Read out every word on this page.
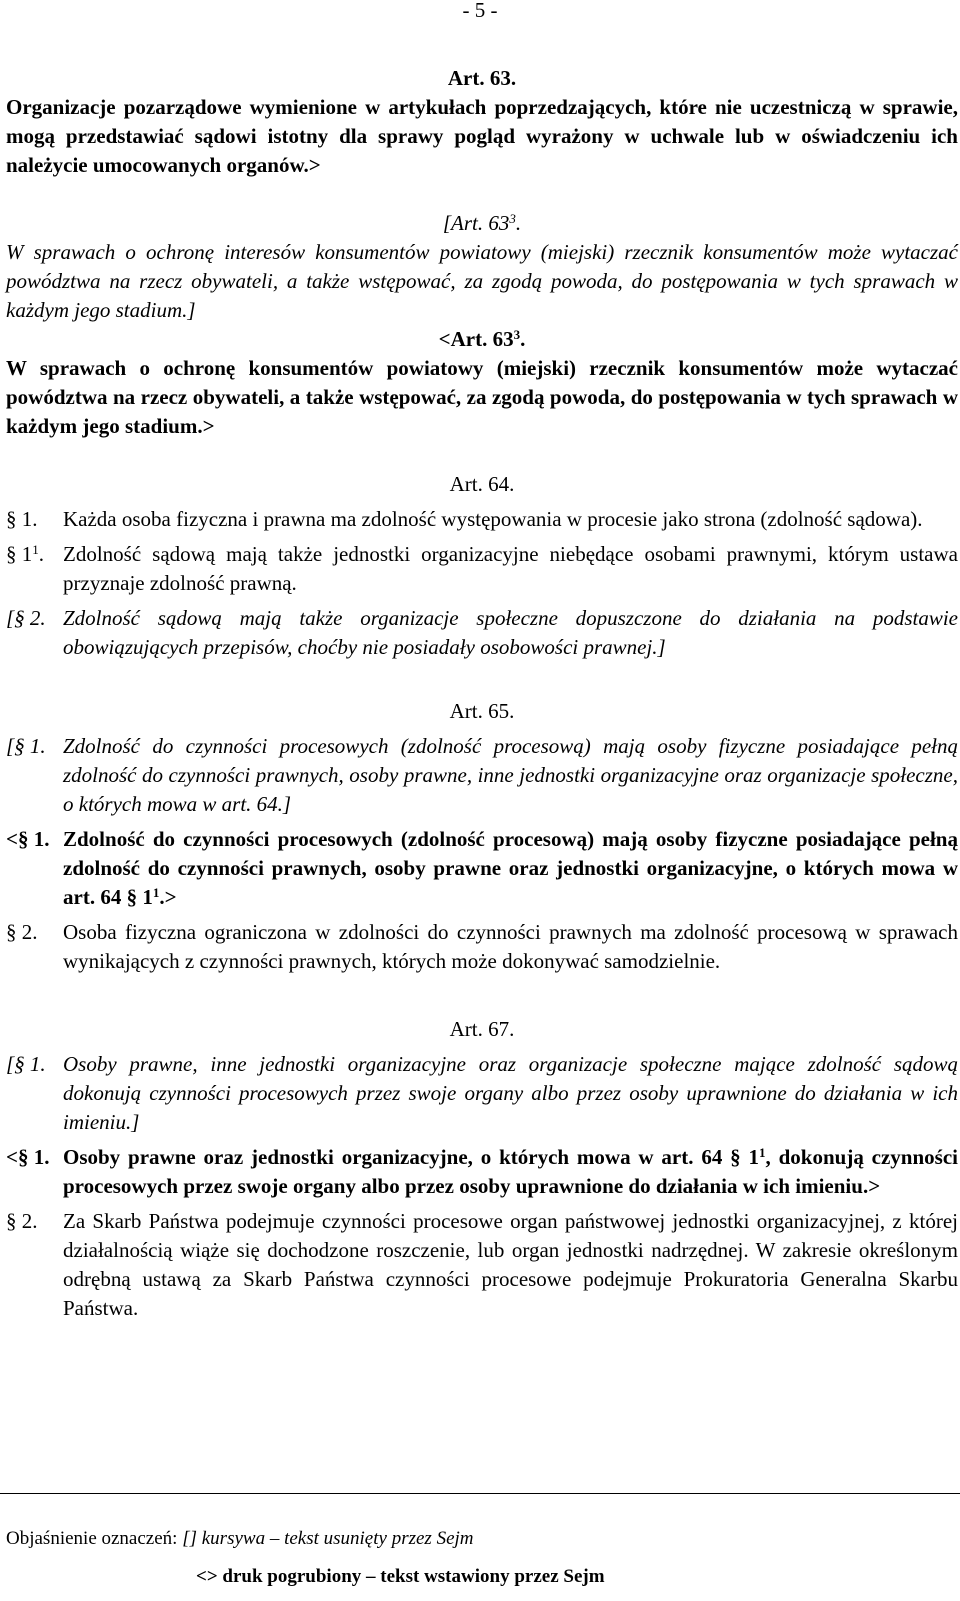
- 5 -

Art. 63.

Organizacje pozarządowe wymienione w artykułach poprzedzających, które nie uczestniczą w sprawie, mogą przedstawiać sądowi istotny dla sprawy pogląd wyrażony w uchwale lub w oświadczeniu ich należycie umocowanych organów.>

[Art. $63^3$.

W sprawach o ochronę interesów konsumentów powiatowy (miejski) rzecznik konsumentów może wytaczać powództwa na rzecz obywateli, a także wstępować, za zgodą powoda, do postępowania w tych sprawach w każdym jego stadium.]

<Art. $63^3$.

W sprawach o ochronę konsumentów powiatowy (miejski) rzecznik konsumentów może wytaczać powództwa na rzecz obywateli, a także wstępować, za zgodą powoda, do postępowania w tych sprawach w każdym jego stadium.>

Art. 64.

§ 1.	Każda osoba fizyczna i prawna ma zdolność występowania w procesie jako strona (zdolność sądowa).
§ $1^1$. Zdolność sądową mają także jednostki organizacyjne niebędące osobami prawnymi, którym ustawa przyznaje zdolność prawną.
[§ 2. Zdolność sądową mają także organizacje społeczne dopuszczone do działania na podstawie obowiązujących przepisów, choćby nie posiadały osobowości prawnej.]

Art. 65.

[§ 1. Zdolność do czynności procesowych (zdolność procesową) mają osoby fizyczne posiadające pełną zdolność do czynności prawnych, osoby prawne, inne jednostki organizacyjne oraz organizacje społeczne, o których mowa w art. 64.]
<§ 1. Zdolność do czynności procesowych (zdolność procesową) mają osoby fizyczne posiadające pełną zdolność do czynności prawnych, osoby prawne oraz jednostki organizacyjne, o których mowa w art. 64 § $1^1.>$
§ 2.	Osoba fizyczna ograniczona w zdolności do czynności prawnych ma zdolność procesową w sprawach wynikających z czynności prawnych, których może dokonywać samodzielnie.

Art. 67.

[§ 1. Osoby prawne, inne jednostki organizacyjne oraz organizacje społeczne mające zdolność sądową dokonują czynności procesowych przez swoje organy albo przez osoby uprawnione do działania w ich imieniu.]
<§ 1. Osoby prawne oraz jednostki organizacyjne, o których mowa w art. 64 § $1^1$, dokonują czynności procesowych przez swoje organy albo przez osoby uprawnione do działania w ich imieniu.>
§ 2.	Za Skarb Państwa podejmuje czynności procesowe organ państwowej jednostki organizacyjnej, z której działalnością wiąże się dochodzone roszczenie, lub organ jednostki nadrzędnej. W zakresie określonym odrębną ustawą za Skarb Państwa czynności procesowe podejmuje Prokuratoria Generalna Skarbu Państwa.
Objaśnienie oznaczeń: [] kursywa – tekst usunięty przez Sejm
<> druk pogrubiony – tekst wstawiony przez Sejm
